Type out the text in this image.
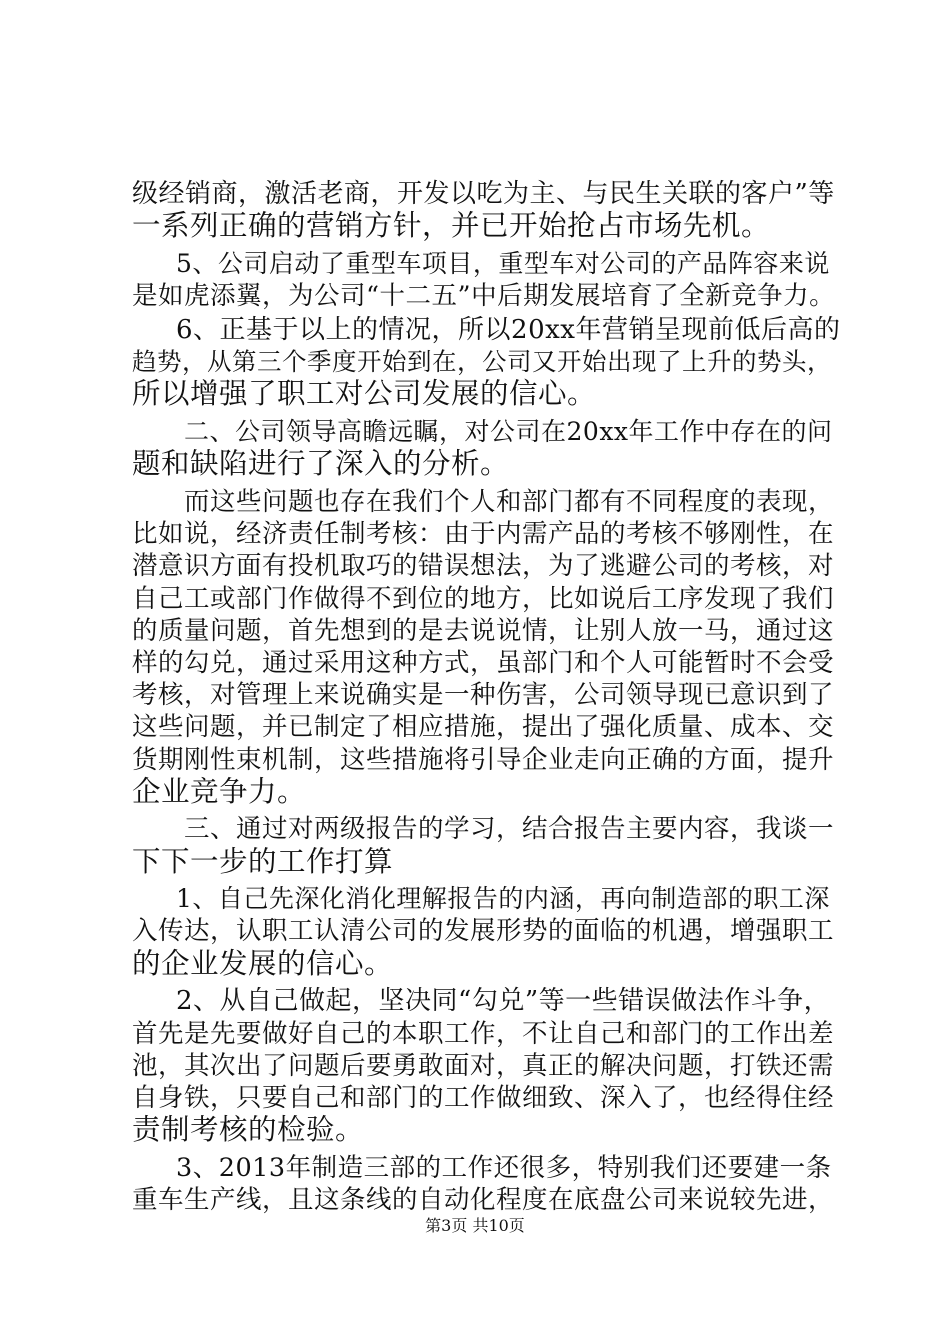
级经销商，激活老商，开发以吃为主、与民生关联的客户”等
一系列正确的营销方针，并已开始抢占市场先机。
5、公司启动了重型车项目，重型车对公司的产品阵容来说
是如虎添翼，为公司“十二五”中后期发展培育了全新竞争力。
6、正基于以上的情况，所以20xx年营销呈现前低后高的
趋势，从第三个季度开始到在，公司又开始出现了上升的势头，
所以增强了职工对公司发展的信心。
二、公司领导高瞻远瞩，对公司在20xx年工作中存在的问
题和缺陷进行了深入的分析。
而这些问题也存在我们个人和部门都有不同程度的表现，
比如说，经济责任制考核：由于内需产品的考核不够刚性，在
潜意识方面有投机取巧的错误想法，为了逃避公司的考核，对
自己工或部门作做得不到位的地方，比如说后工序发现了我们
的质量问题，首先想到的是去说说情，让别人放一马，通过这
样的勾兑，通过采用这种方式，虽部门和个人可能暂时不会受
考核，对管理上来说确实是一种伤害，公司领导现已意识到了
这些问题，并已制定了相应措施，提出了强化质量、成本、交
货期刚性束机制，这些措施将引导企业走向正确的方面，提升
企业竞争力。
三、通过对两级报告的学习，结合报告主要内容，我谈一
下下一步的工作打算
1、自己先深化消化理解报告的内涵，再向制造部的职工深
入传达，认职工认清公司的发展形势的面临的机遇，增强职工
的企业发展的信心。
2、从自己做起，坚决同“勾兑”等一些错误做法作斗争，
首先是先要做好自己的本职工作，不让自己和部门的工作出差
池，其次出了问题后要勇敢面对，真正的解决问题，打铁还需
自身铁，只要自己和部门的工作做细致、深入了，也经得住经
责制考核的检验。
3、2013年制造三部的工作还很多，特别我们还要建一条
重车生产线，且这条线的自动化程度在底盘公司来说较先进，
第3页 共10页
